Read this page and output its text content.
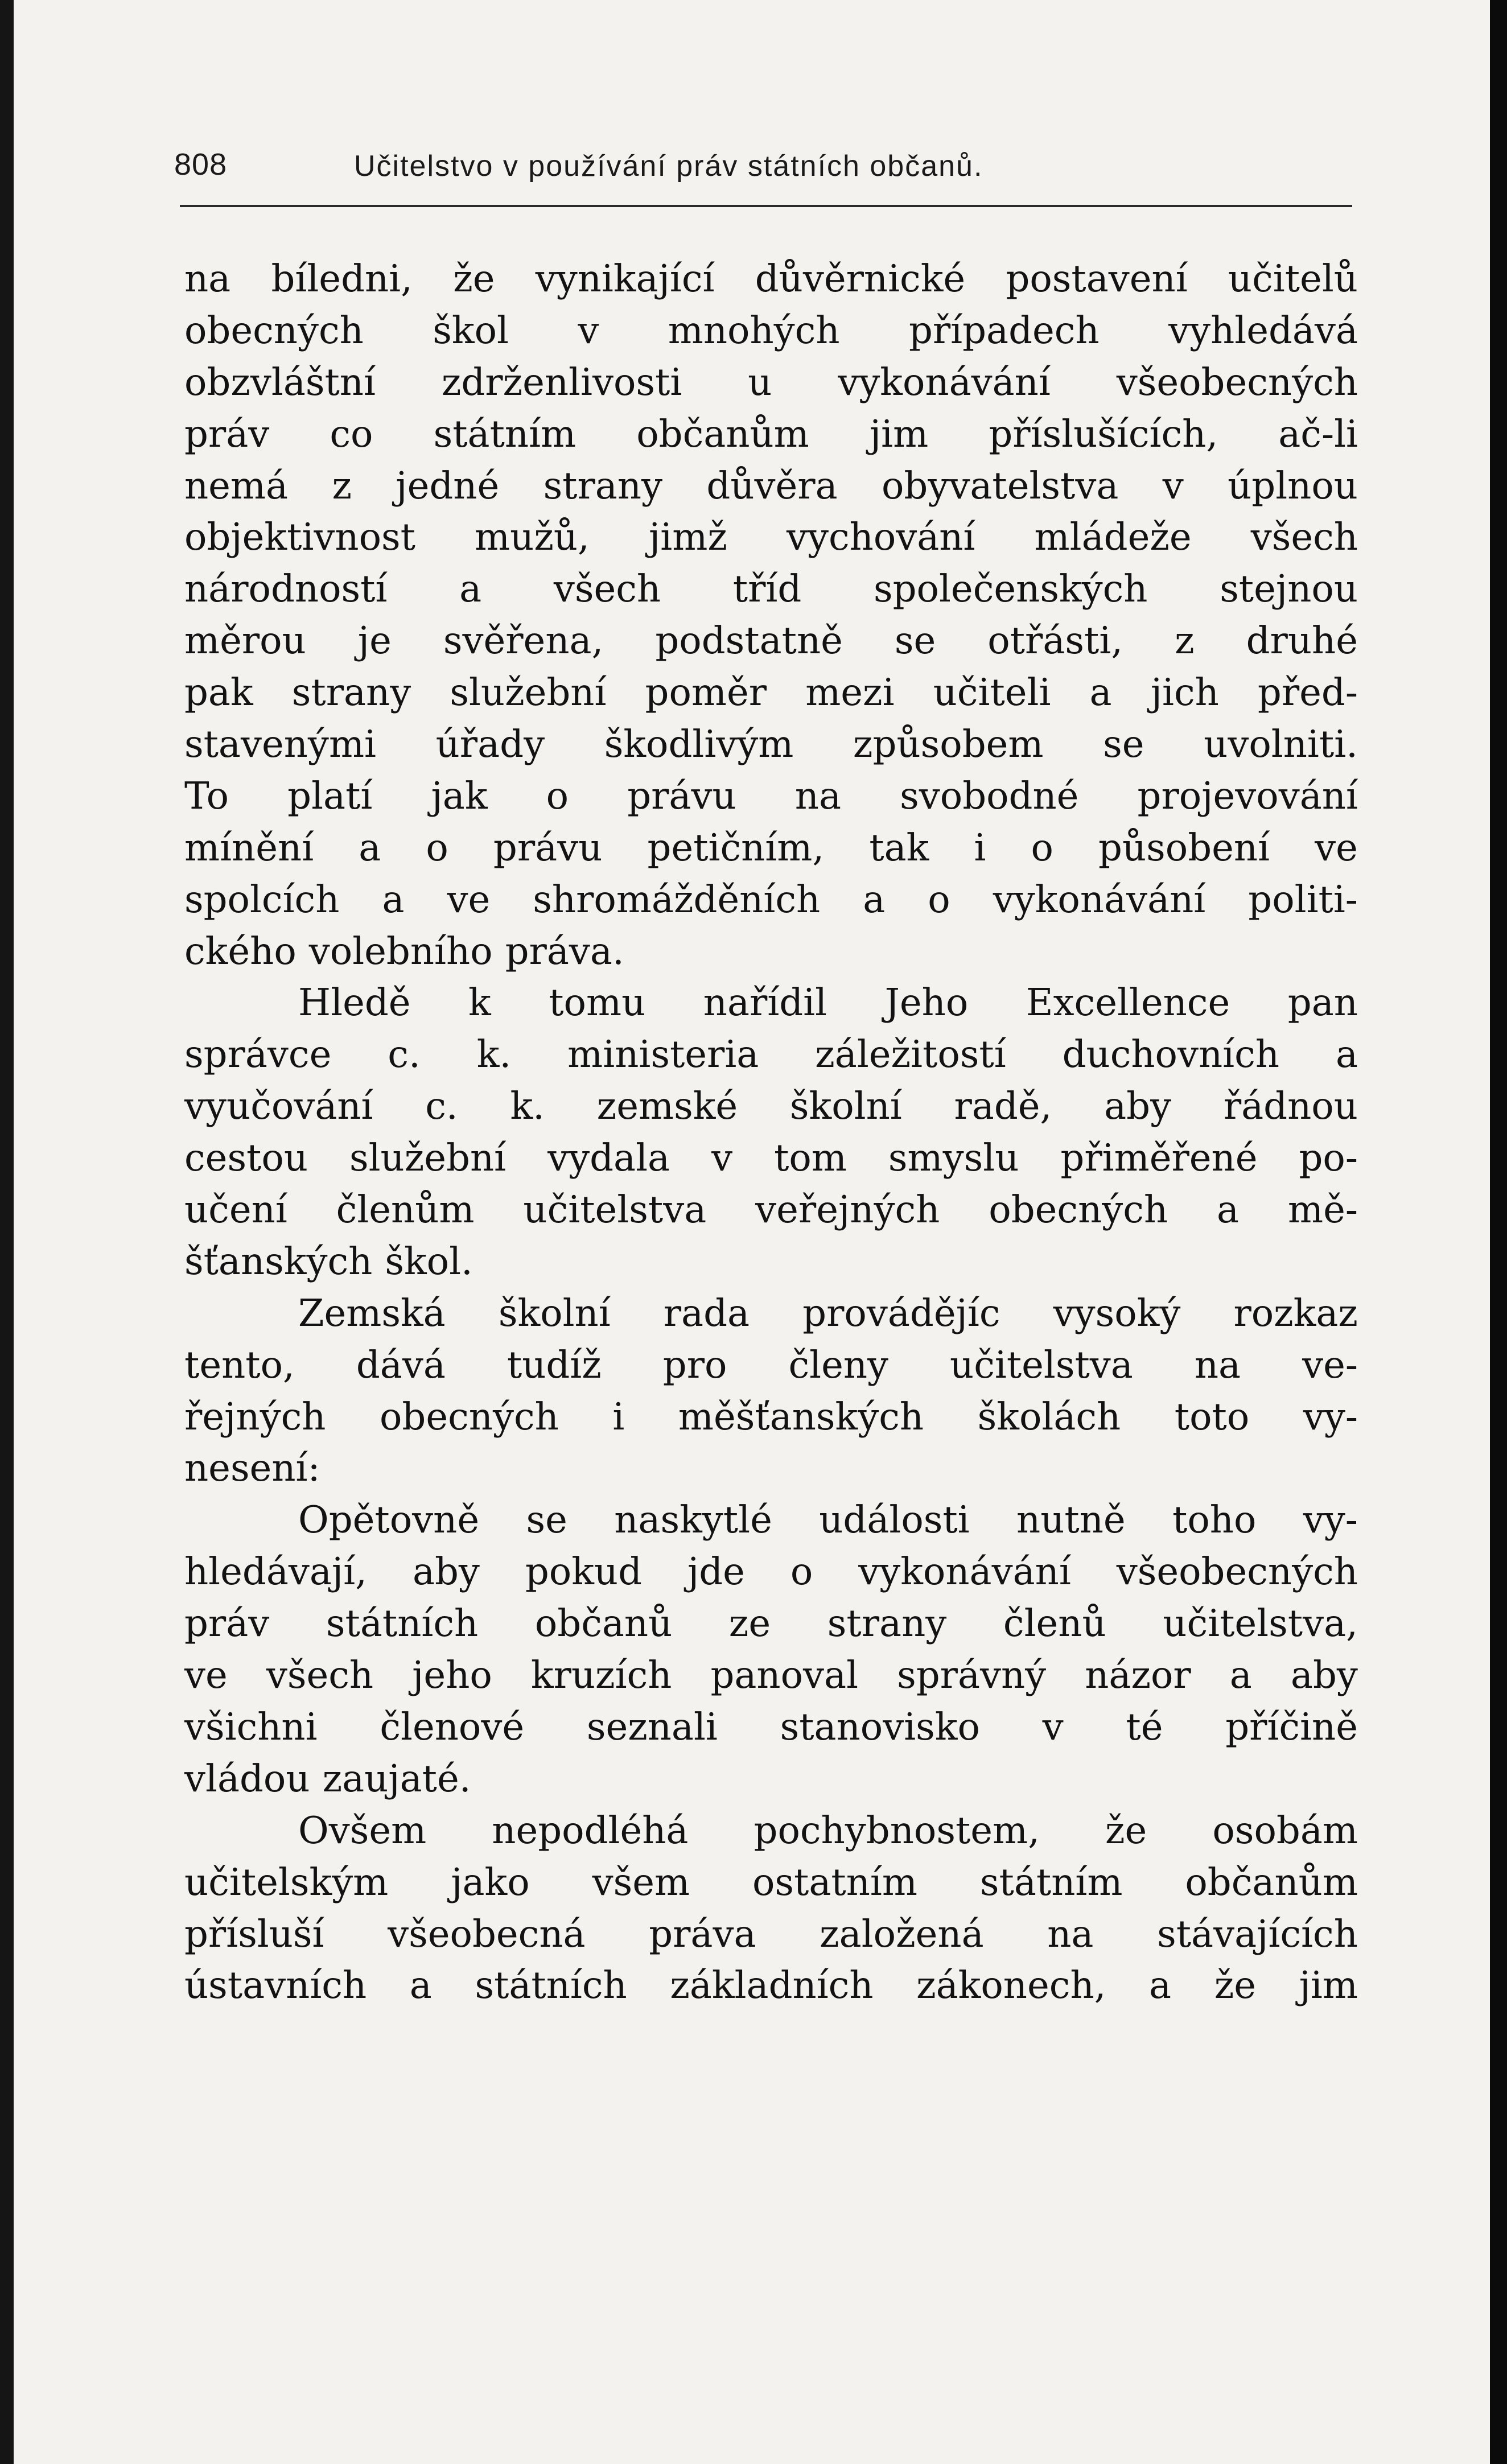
808	Učitelstvo v používání práv státních občanů.
na bíledni, že vynikající důvěrnické postavení učitelů
obecných škol v mnohých případech vyhledává
obzvláštní zdrženlivosti u vykonávání všeobecných
práv co státním občanům jim příslušících, ač-li
nemá z jedné strany důvěra obyvatelstva v úplnou
objektivnost mužů, jimž vychování mládeže všech
národností a všech tříd společenských stejnou
měrou je svěřena, podstatně se otřásti, z druhé
pak strany služební poměr mezi učiteli a jich před-
stavenými úřady škodlivým způsobem se uvolniti.
To platí jak o právu na svobodné projevování
mínění a o právu petičním, tak i o působení ve
spolcích a ve shromážděních a o vykonávání politi-
ckého volebního práva.
Hledě k tomu nařídil Jeho Excellence pan
správce c. k. ministeria záležitostí duchovních a
vyučování c. k. zemské školní radě, aby řádnou
cestou služební vydala v tom smyslu přiměřené po-
učení členům učitelstva veřejných obecných a mě-
šťanských škol.
Zemská školní rada provádějíc vysoký rozkaz
tento, dává tudíž pro členy učitelstva na ve-
řejných obecných i měšťanských školách toto vy-
nesení:
Opětovně se naskytlé události nutně toho vy-
hledávají, aby pokud jde o vykonávání všeobecných
práv státních občanů ze strany členů učitelstva,
ve všech jeho kruzích panoval správný názor a aby
všichni členové seznali stanovisko v té příčině
vládou zaujaté.
Ovšem nepodléhá pochybnostem, že osobám
učitelským jako všem ostatním státním občanům
přísluší všeobecná práva založená na stávajících
ústavních a státních základních zákonech, a že jim
